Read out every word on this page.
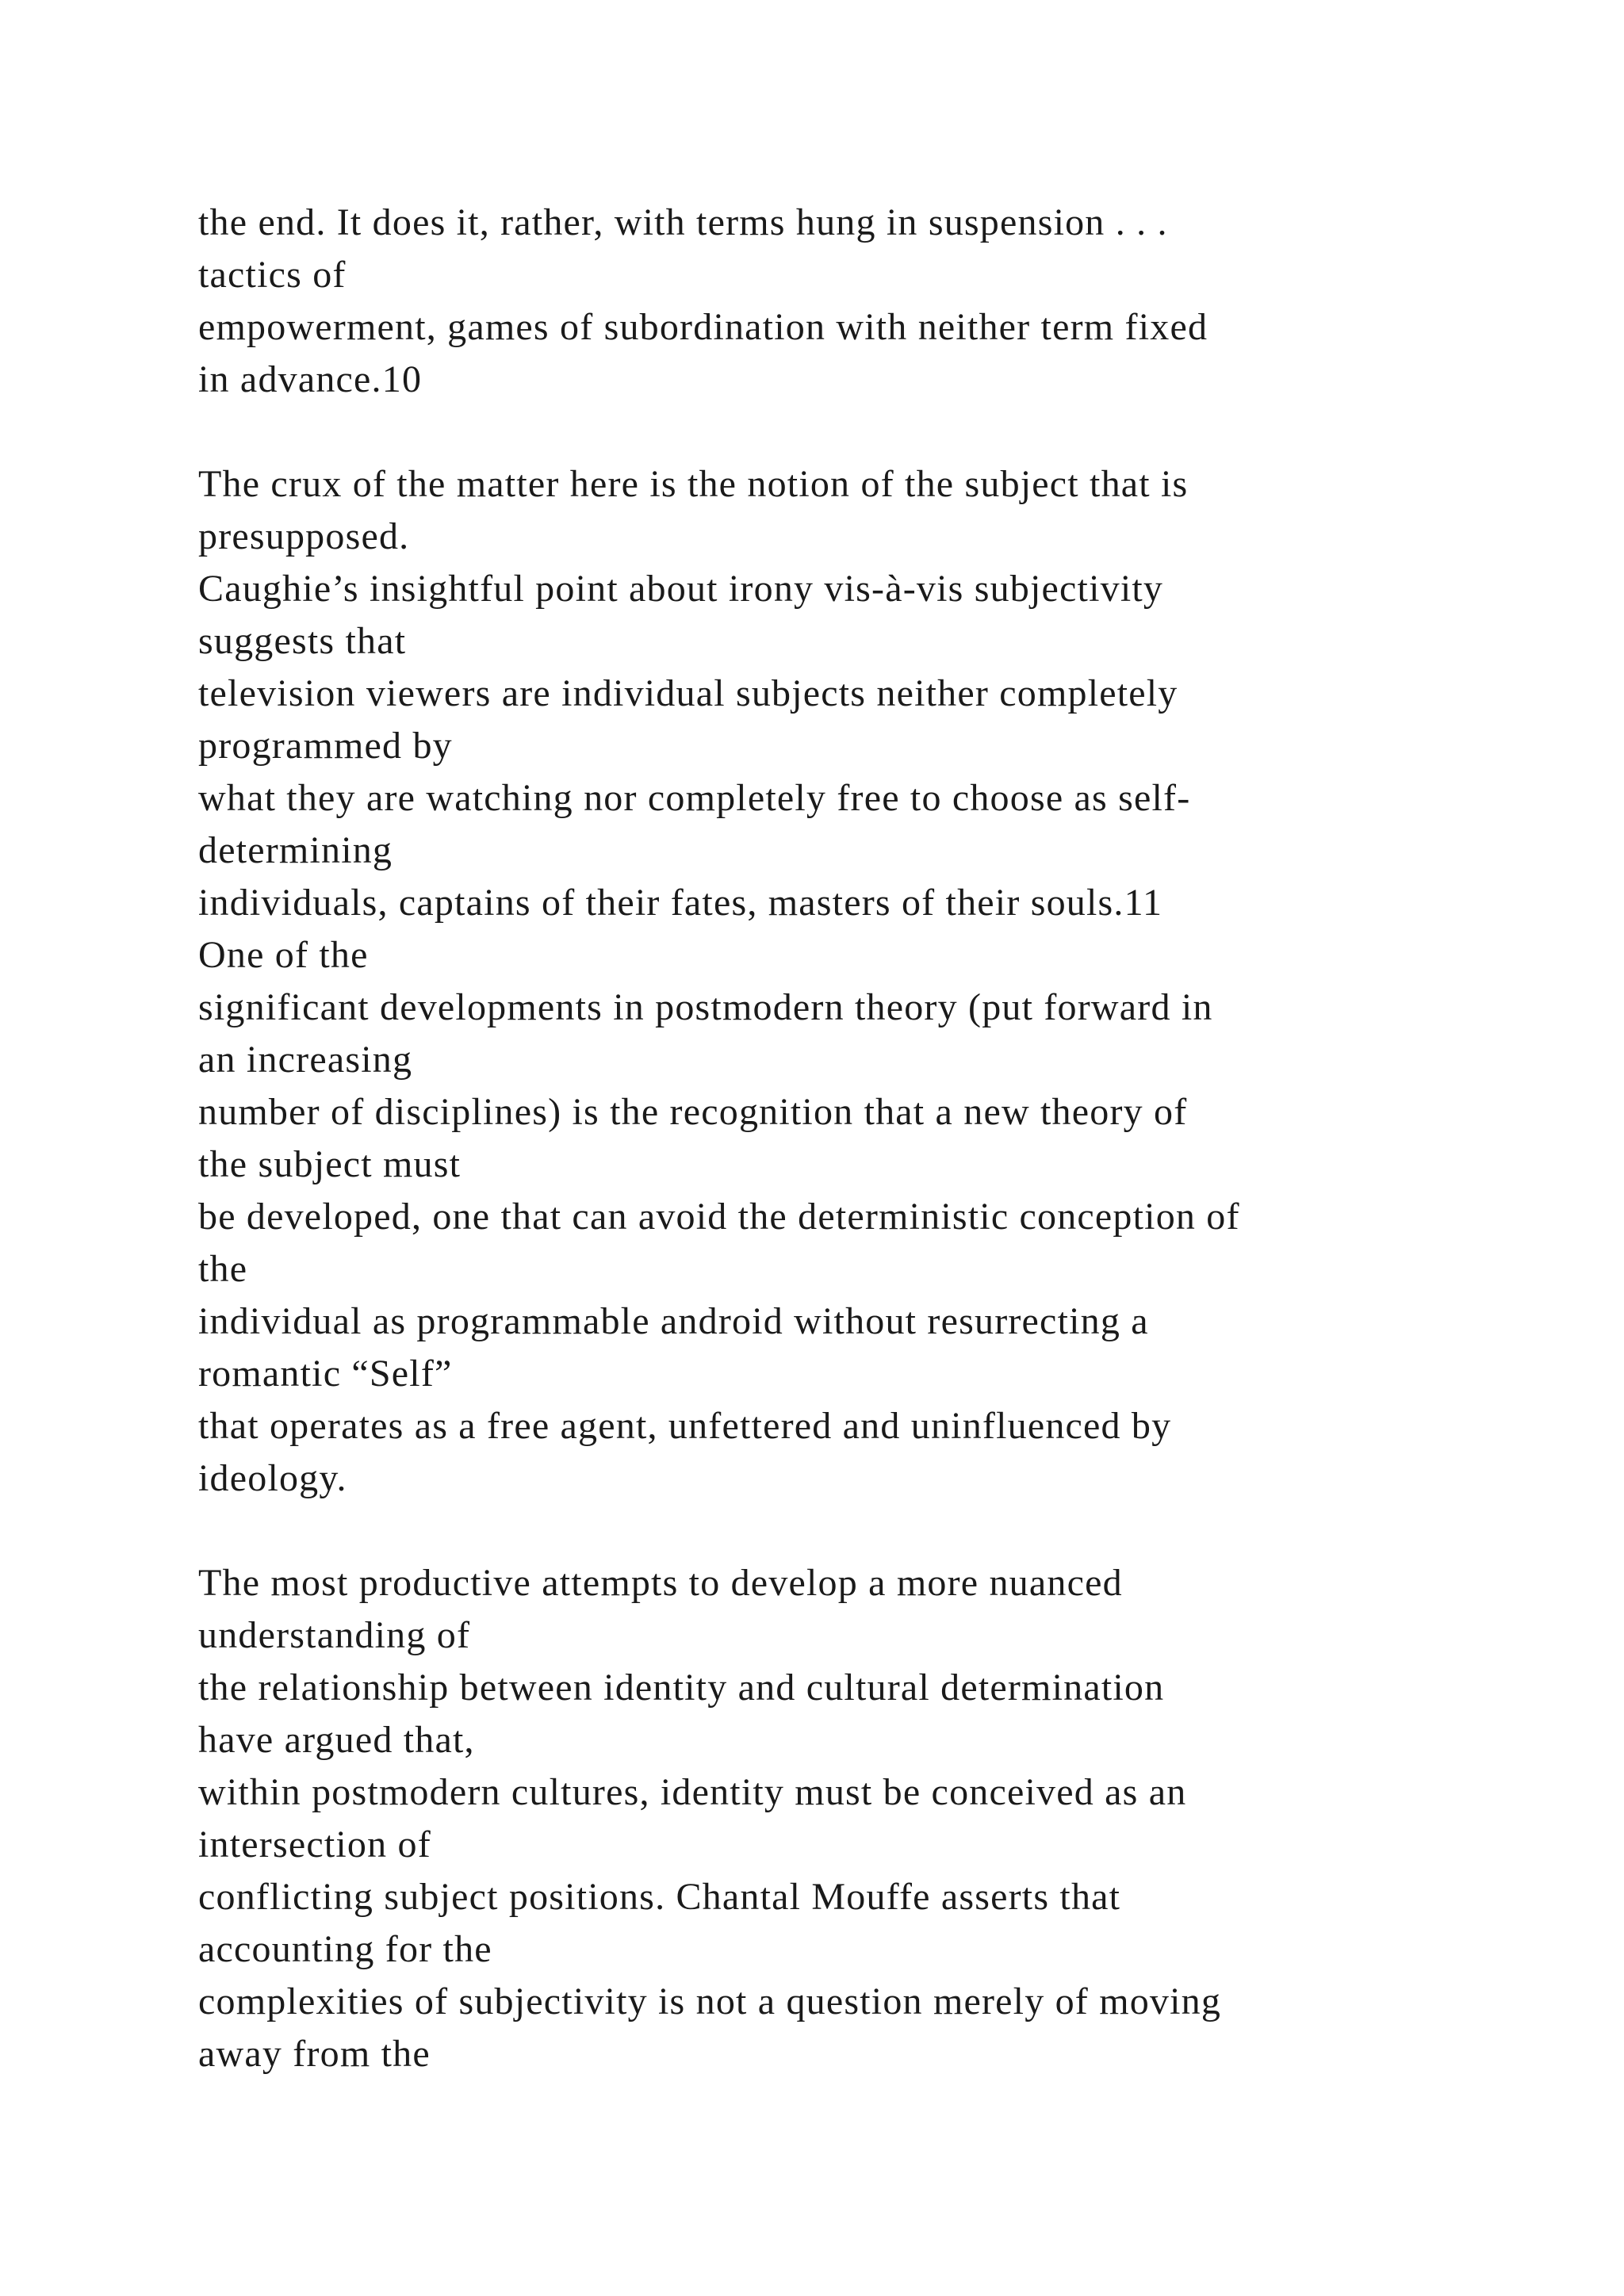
the end. It does it, rather, with terms hung in suspension . . .
tactics of
empowerment, games of subordination with neither term fixed
in advance.10
The crux of the matter here is the notion of the subject that is
presupposed.
Caughie’s insightful point about irony vis-à-vis subjectivity
suggests that
television viewers are individual subjects neither completely
programmed by
what they are watching nor completely free to choose as self-
determining
individuals, captains of their fates, masters of their souls.11
One of the
significant developments in postmodern theory (put forward in
an increasing
number of disciplines) is the recognition that a new theory of
the subject must
be developed, one that can avoid the deterministic conception of
the
individual as programmable android without resurrecting a
romantic “Self”
that operates as a free agent, unfettered and uninfluenced by
ideology.
The most productive attempts to develop a more nuanced
understanding of
the relationship between identity and cultural determination
have argued that,
within postmodern cultures, identity must be conceived as an
intersection of
conflicting subject positions. Chantal Mouffe asserts that
accounting for the
complexities of subjectivity is not a question merely of moving
away from the
